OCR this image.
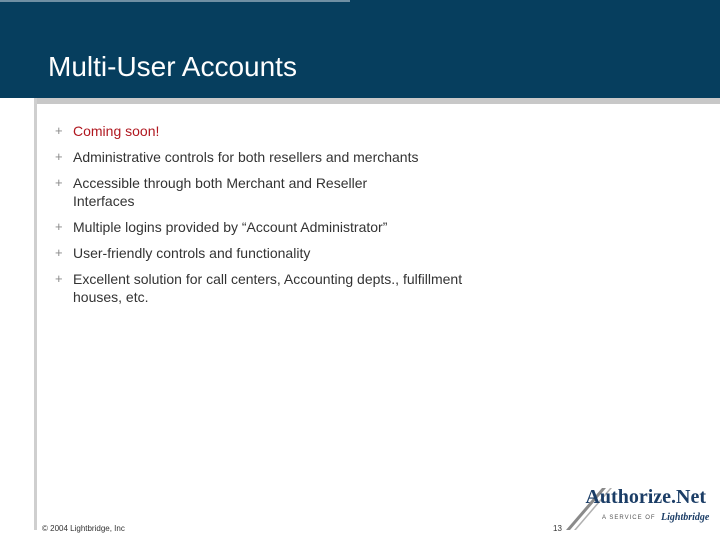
Multi-User Accounts
+ Coming soon!
+ Administrative controls for both resellers and merchants
+ Accessible through both Merchant and Reseller Interfaces
+ Multiple logins provided by “Account Administrator”
+ User-friendly controls and functionality
+ Excellent solution for call centers, Accounting depts., fulfillment houses, etc.
© 2004 Lightbridge, Inc	13
Authorize.Net
A SERVICE OF Lightbridge
